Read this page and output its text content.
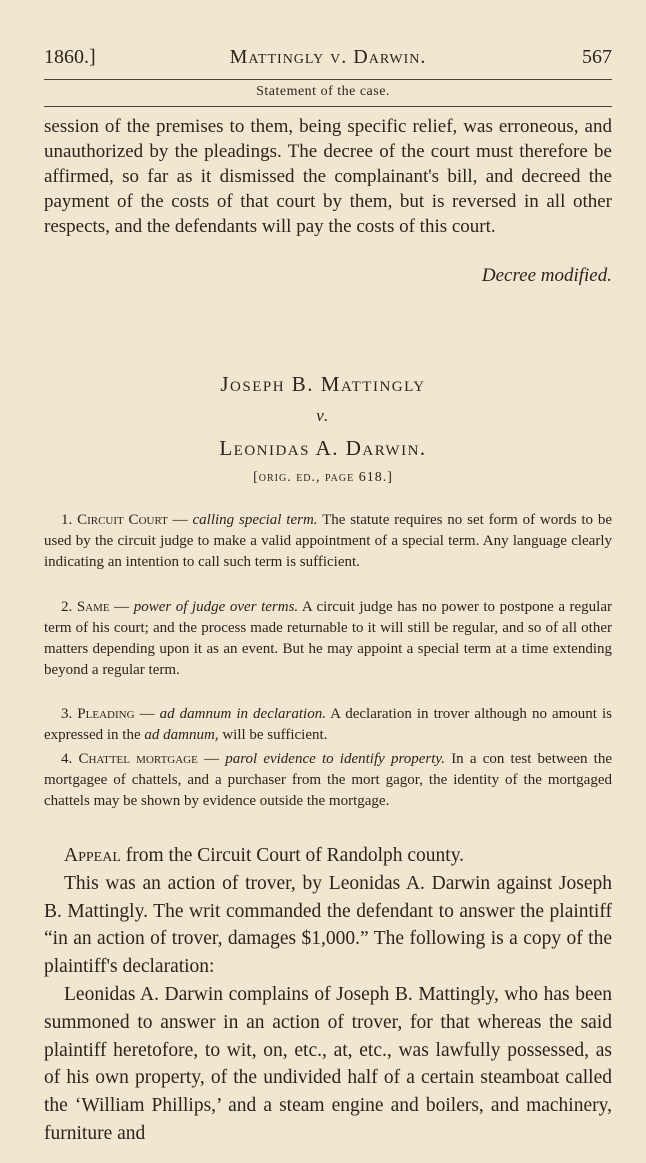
1860.]	Mattingly v. Darwin.	567
Statement of the case.
session of the premises to them, being specific relief, was erroneous, and unauthorized by the pleadings. The decree of the court must therefore be affirmed, so far as it dismissed the complainant's bill, and decreed the payment of the costs of that court by them, but is reversed in all other respects, and the defendants will pay the costs of this court.
Decree modified.
Joseph B. Mattingly
v.
Leonidas A. Darwin.
[orig. ed., page 618.]
1. Circuit Court — calling special term. The statute requires no set form of words to be used by the circuit judge to make a valid appointment of a special term. Any language clearly indicating an intention to call such term is sufficient.
2. Same — power of judge over terms. A circuit judge has no power to postpone a regular term of his court; and the process made returnable to it will still be regular, and so of all other matters depending upon it as an event. But he may appoint a special term at a time extending beyond a regular term.
3. Pleading — ad damnum in declaration. A declaration in trover although no amount is expressed in the ad damnum, will be sufficient.
4. Chattel mortgage — parol evidence to identify property. In a con test between the mortgagee of chattels, and a purchaser from the mort gagor, the identity of the mortgaged chattels may be shown by evidence outside the mortgage.
Appeal from the Circuit Court of Randolph county.
This was an action of trover, by Leonidas A. Darwin against Joseph B. Mattingly. The writ commanded the defendant to answer the plaintiff “in an action of trover, damages $1,000.” The following is a copy of the plaintiff's declaration:
Leonidas A. Darwin complains of Joseph B. Mattingly, who has been summoned to answer in an action of trover, for that whereas the said plaintiff heretofore, to wit, on, etc., at, etc., was lawfully possessed, as of his own property, of the undivided half of a certain steamboat called the ‘William Phillips,’ and a steam engine and boilers, and machinery, furniture and
